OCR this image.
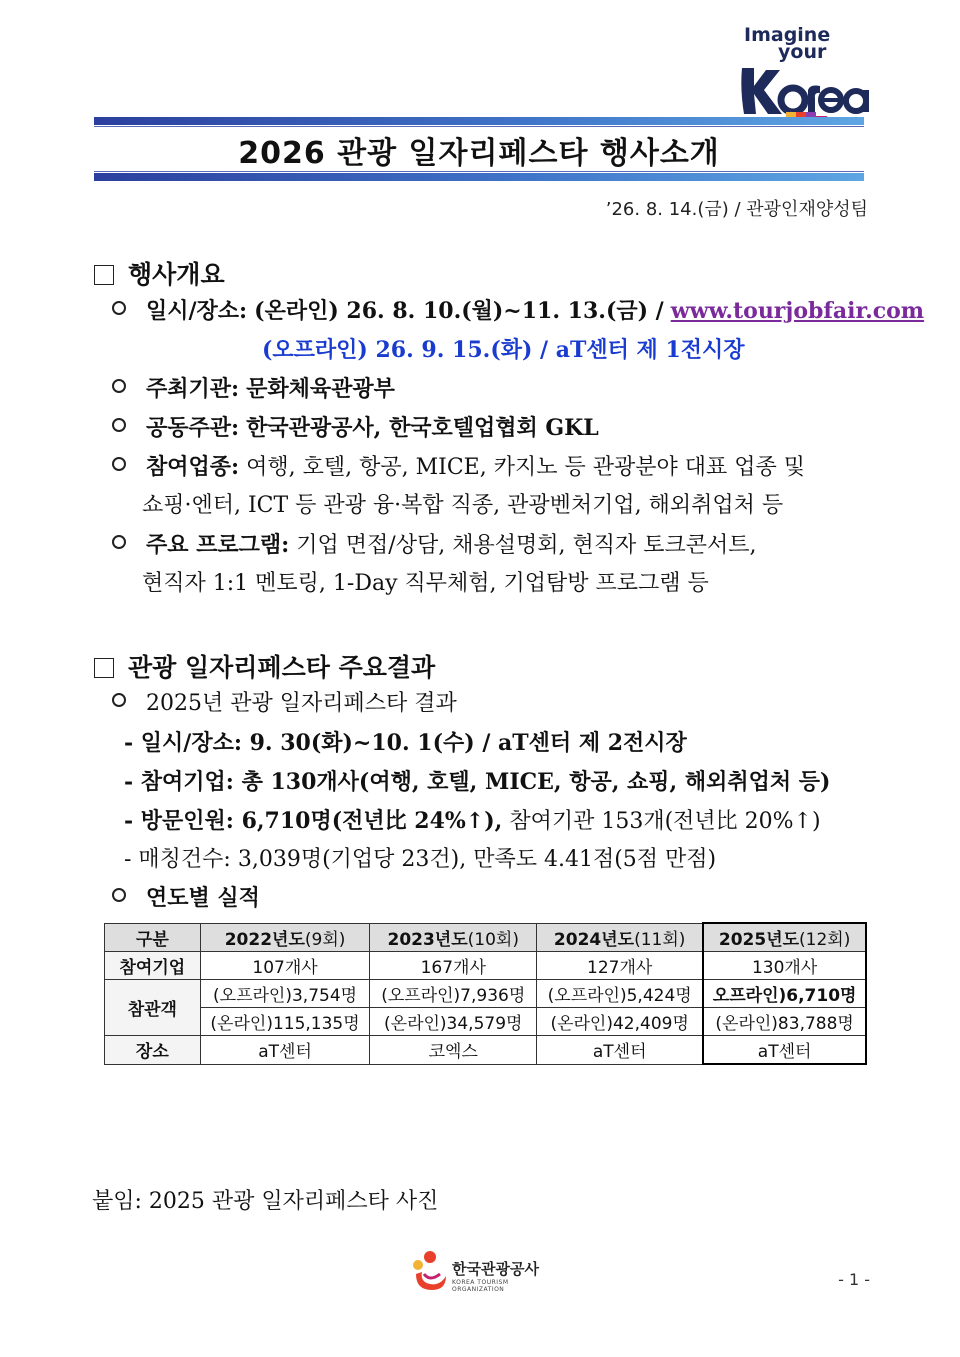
Imagine
your
2026 관광 일자리페스타 행사소개
’26. 8. 14.(금) / 관광인재양성팀
행사개요
일시/장소: (온라인) 26. 8. 10.(월)~11. 13.(금) / www.tourjobfair.com
(오프라인) 26. 9. 15.(화) / aT센터 제 1전시장
주최기관: 문화체육관광부
공동주관: 한국관광공사, 한국호텔업협회 GKL
참여업종: 여행, 호텔, 항공, MICE, 카지노 등 관광분야 대표 업종 및
쇼핑·엔터, ICT 등 관광 융·복합 직종, 관광벤처기업, 해외취업처 등
주요 프로그램: 기업 면접/상담, 채용설명회, 현직자 토크콘서트,
현직자 1:1 멘토링, 1-Day 직무체험, 기업탐방 프로그램 등
관광 일자리페스타 주요결과
2025년 관광 일자리페스타 결과
- 일시/장소: 9. 30(화)~10. 1(수) / aT센터 제 2전시장
- 참여기업: 총 130개사(여행, 호텔, MICE, 항공, 쇼핑, 해외취업처 등)
- 방문인원: 6,710명(전년比 24%↑), 참여기관 153개(전년比 20%↑)
- 매칭건수: 3,039명(기업당 23건), 만족도 4.41점(5점 만점)
연도별 실적
구분	2022년도(9회)	2023년도(10회)	2024년도(11회)	2025년도(12회)
참여기업	107개사	167개사	127개사	130개사
참관객	(오프라인)3,754명	(오프라인)7,936명	(오프라인)5,424명	오프라인)6,710명
	(온라인)115,135명	(온라인)34,579명	(온라인)42,409명	(온라인)83,788명
장소	aT센터	코엑스	aT센터	aT센터
붙임: 2025 관광 일자리페스타 사진
한국관광공사
KOREA TOURISM ORGANIZATION
- 1 -
